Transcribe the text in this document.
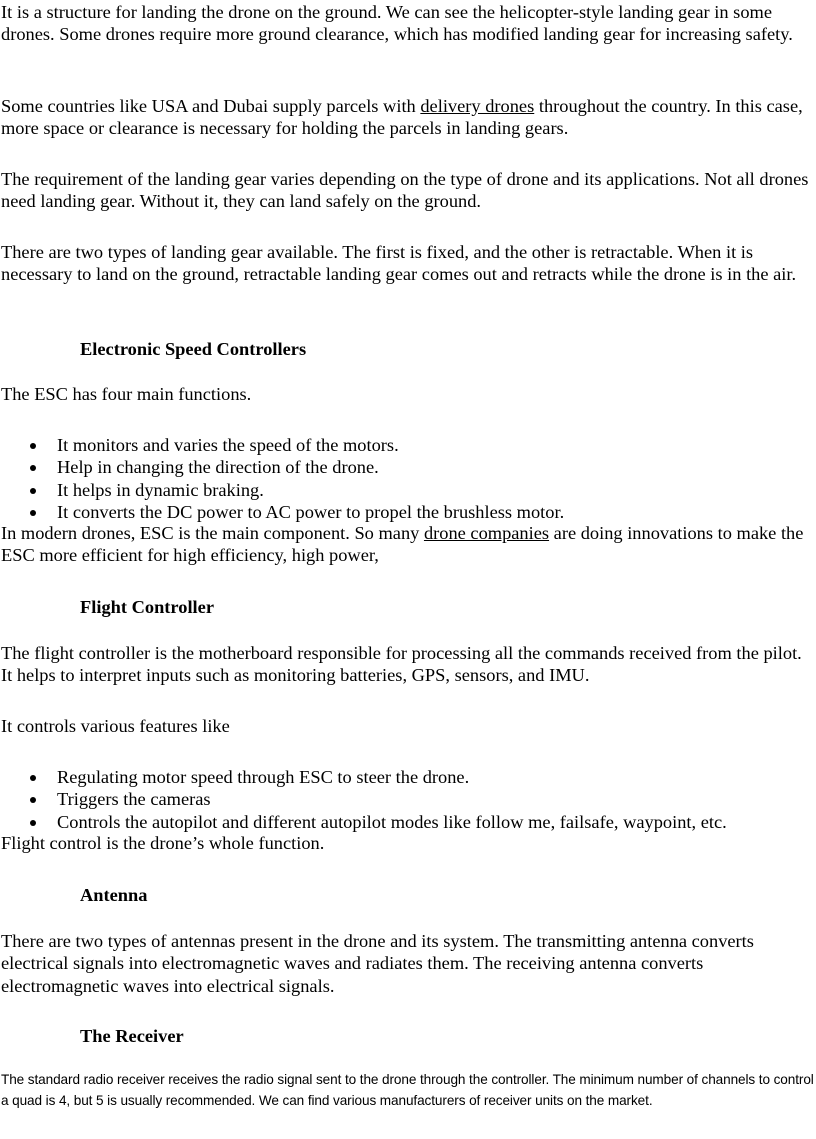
It is a structure for landing the drone on the ground. We can see the helicopter-style landing gear in some drones. Some drones require more ground clearance, which has modified landing gear for increasing safety.

Some countries like USA and Dubai supply parcels with delivery drones throughout the country. In this case, more space or clearance is necessary for holding the parcels in landing gears.

The requirement of the landing gear varies depending on the type of drone and its applications. Not all drones need landing gear. Without it, they can land safely on the ground.

There are two types of landing gear available. The first is fixed, and the other is retractable. When it is necessary to land on the ground, retractable landing gear comes out and retracts while the drone is in the air.

Electronic Speed Controllers

The ESC has four main functions.

It monitors and varies the speed of the motors.
Help in changing the direction of the drone.
It helps in dynamic braking.
It converts the DC power to AC power to propel the brushless motor.

In modern drones, ESC is the main component. So many drone companies are doing innovations to make the ESC more efficient for high efficiency, high power,

Flight Controller

The flight controller is the motherboard responsible for processing all the commands received from the pilot. It helps to interpret inputs such as monitoring batteries, GPS, sensors, and IMU.

It controls various features like

Regulating motor speed through ESC to steer the drone.
Triggers the cameras
Controls the autopilot and different autopilot modes like follow me, failsafe, waypoint, etc.

Flight control is the drone’s whole function.

Antenna

There are two types of antennas present in the drone and its system. The transmitting antenna converts electrical signals into electromagnetic waves and radiates them. The receiving antenna converts electromagnetic waves into electrical signals.

The Receiver

The standard radio receiver receives the radio signal sent to the drone through the controller. The minimum number of channels to control a quad is 4, but 5 is usually recommended. We can find various manufacturers of receiver units on the market.
